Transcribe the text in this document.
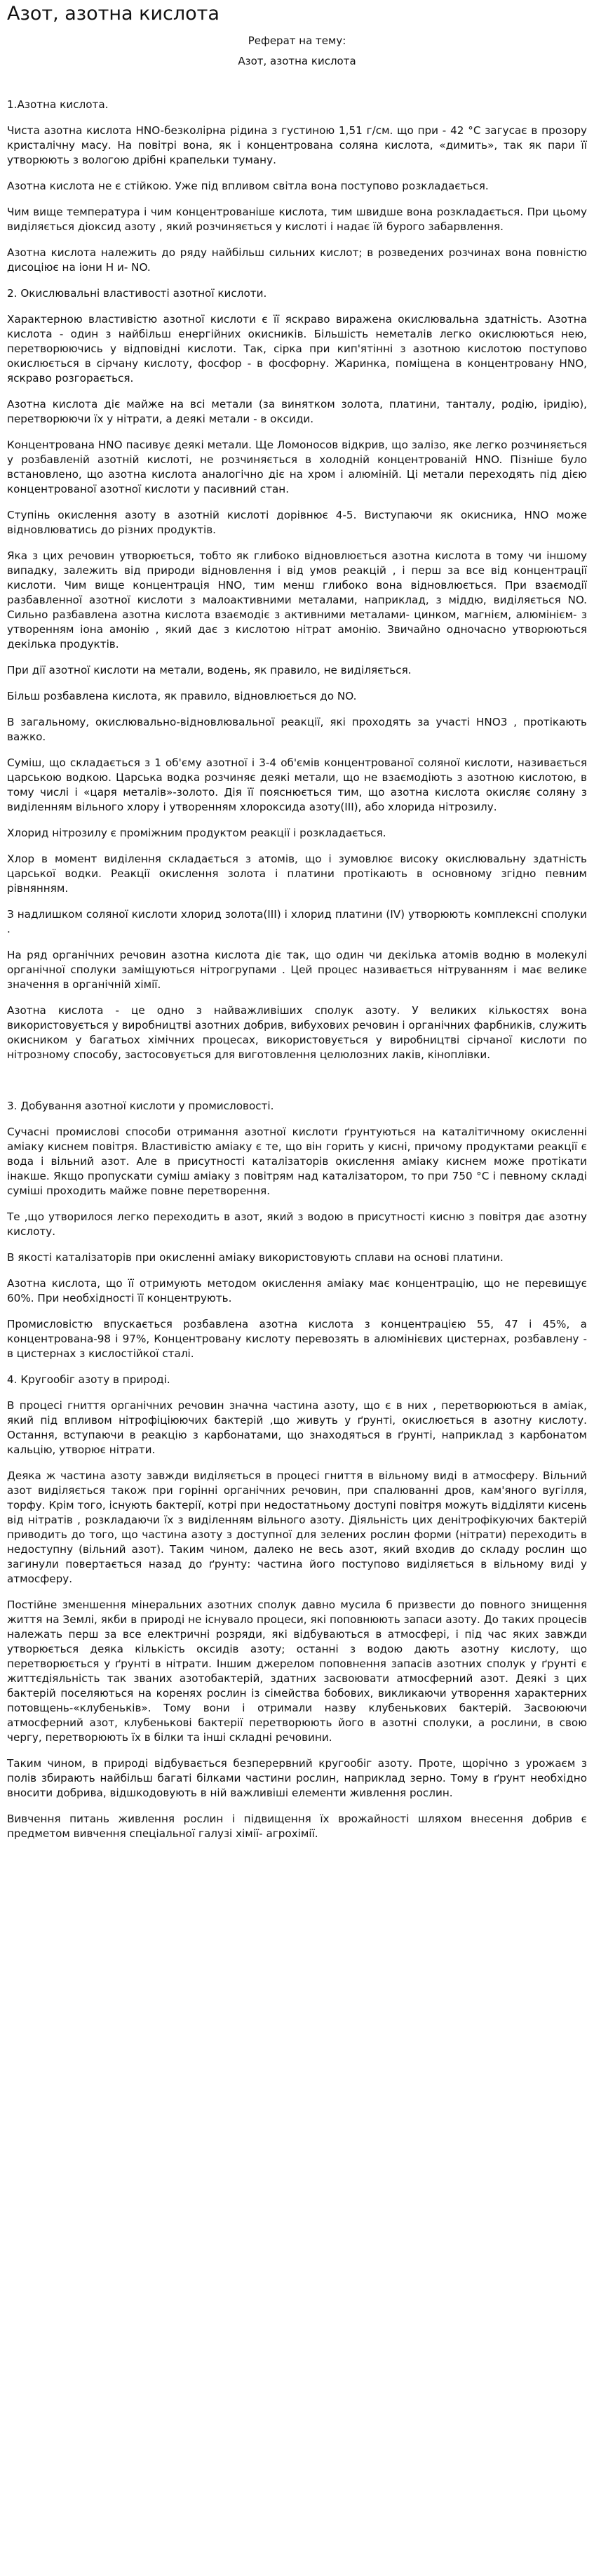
Азот, азотна кислота
Реферат на тему:
Азот, азотна кислота

1.Азотна кислота.

Чиста азотна кислота HNO-безколірна рідина з густиною 1,51 г/см. що при - 42 °С загусає в прозору кристалічну масу. На повітрі вона, як і концентрована соляна кислота, «димить», так як пари її утворюють з вологою дрібні крапельки туману.

Азотна кислота не є стійкою. Уже під впливом світла вона поступово розкладається.

Чим вище температура і чим концентрованіше кислота, тим швидше вона розкладається. При цьому виділяється діоксид азоту , який розчиняється у кислоті і надає їй бурого забарвлення.

Азотна кислота належить до ряду найбільш сильних кислот; в розведених розчинах вона повністю дисоціює на іони Н и- NO.

2. Окислювальні властивості азотної кислоти.

Характерною властивістю азотної кислоти є її яскраво виражена окислювальна здатність. Азотна кислота - один з найбільш енергійних окисників. Більшість неметалів легко окислюються нею, перетворюючись у відповідні кислоти. Так, сірка при кип'ятінні з азотною кислотою поступово окислюється в сірчану кислоту, фосфор - в фосфорну. Жаринка, поміщена в концентровану HNO, яскраво розгорається.

Азотна кислота діє майже на всі метали (за винятком золота, платини, танталу, родію, іридію), перетворюючи їх у нітрати, а деякі метали - в оксиди.

Концентрована HNO пасивує деякі метали. Ще Ломоносов відкрив, що залізо, яке легко розчиняється у розбавленій азотній кислоті, не розчиняється в холодній концентрованій HNO. Пізніше було встановлено, що азотна кислота аналогічно діє на хром і алюміній. Ці метали переходять під дією концентрованої азотної кислоти у пасивний стан.

Ступінь окислення азоту в азотній кислоті дорівнює 4-5. Виступаючи як окисника, HNO може відновлюватись до різних продуктів.

Яка з цих речовин утворюється, тобто як глибоко відновлюється азотна кислота в тому чи іншому випадку, залежить від природи відновлення і від умов реакцій , і перш за все від концентрації кислоти. Чим вище концентрація HNO, тим менш глибоко вона відновлюється. При взаємодії разбавленної азотної кислоти з малоактивними металами, наприклад, з міддю, виділяється NO. Сильно разбавлена азотна кислота взаємодіє з активними металами- цинком, магнієм, алюмінієм- з утворенням іона амонію , який дає з кислотою нітрат амонію. Звичайно одночасно утворюються декілька продуктів.

При дії азотної кислоти на метали, водень, як правило, не виділяється.

Більш розбавлена кислота, як правило, відновлюється до NO.

В загальному, окислювально-відновлювальної реакції, які проходять за участі HNO3 , протікають важко.

Суміш, що складається з 1 об'єму азотної і 3-4 об'ємів концентрованої соляної кислоти, називається царською водкою. Царська водка розчиняє деякі метали, що не взаємодіють з азотною кислотою, в тому числі і «царя металів»-золото. Дія її пояснюється тим, що азотна кислота окисляє соляну з виділенням вільного хлору і утворенням хлороксида азоту(ІІІ), або хлорида нітрозилу.

Хлорид нітрозилу є проміжним продуктом реакції і розкладається.

Хлор в момент виділення складається з атомів, що і зумовлює високу окислювальну здатність царської водки. Реакції окислення золота і платини протікають в основному згідно певним рівнянням.

З надлишком соляної кислоти хлорид золота(ІІІ) і хлорид платини (IV) утворюють комплексні сполуки .

На ряд органічних речовин азотна кислота діє так, що один чи декілька атомів водню в молекулі органічної сполуки заміщуються нітрогрупами . Цей процес називається нітруванням і має велике значення в органічній хімії.

Азотна кислота - це одно з найважливіших сполук азоту. У великих кількостях вона використовується у виробництві азотних добрив, вибухових речовин і органічних фарбників, служить окисником у багатьох хімічних процесах, використовується у виробництві сірчаної кислоти по нітрозному способу, застосовується для виготовлення целюлозних лаків, кіноплівки.

3. Добування азотної кислоти у промисловості.

Сучасні промислові способи отримання азотної кислоти ґрунтуються на каталітичному окисленні аміаку киснем повітря. Властивістю аміаку є те, що він горить у кисні, причому продуктами реакції є вода і вільний азот. Але в присутності каталізаторів окислення аміаку киснем може протікати інакше. Якщо пропускати суміш аміаку з повітрям над каталізатором, то при 750 °С і певному складі суміші проходить майже повне перетворення.

Те ,що утворилося легко переходить в азот, який з водою в присутності кисню з повітря дає азотну кислоту.

В якості каталізаторів при окисленні аміаку використовують сплави на основі платини.

Азотна кислота, що її отримують методом окислення аміаку має концентрацію, що не перевищує 60%. При необхідності її концентрують.

Промисловістю впускається розбавлена азотна кислота з концентрацією 55, 47 і 45%, а концентрована-98 і 97%, Концентровану кислоту перевозять в алюмінієвих цистернах, розбавлену - в цистернах з кислостійкої сталі.

4. Кругообіг азоту в природі.

В процесі гниття органічних речовин значна частина азоту, що є в них , перетворюються в аміак, який під впливом нітрофіціюючих бактерій ,що живуть у ґрунті, окислюється в азотну кислоту. Остання, вступаючи в реакцію з карбонатами, що знаходяться в ґрунті, наприклад з карбонатом кальцію, утворює нітрати.

Деяка ж частина азоту завжди виділяється в процесі гниття в вільному виді в атмосферу. Вільний азот виділяється також при горінні органічних речовин, при спалюванні дров, кам'яного вугілля, торфу. Крім того, існують бактерії, котрі при недостатньому доступі повітря можуть відділяти кисень від нітратів , розкладаючи їх з виділенням вільного азоту. Діяльність цих денітрофікуючих бактерій приводить до того, що частина азоту з доступної для зелених рослин форми (нітрати) переходить в недоступну (вільний азот). Таким чином, далеко не весь азот, який входив до складу рослин що загинули повертається назад до ґрунту: частина його поступово виділяється в вільному виді у атмосферу.

Постійне зменшення мінеральних азотних сполук давно мусила б призвести до повного знищення життя на Землі, якби в природі не існувало процеси, які поповнюють запаси азоту. До таких процесів належать перш за все електричні розряди, які відбуваються в атмосфері, і під час яких завжди утворюється деяка кількість оксидів азоту; останні з водою дають азотну кислоту, що перетворюється у ґрунті в нітрати. Іншим джерелом поповнення запасів азотних сполук у ґрунті є життєдіяльність так званих азотобактерій, здатних засвоювати атмосферний азот. Деякі з цих бактерій поселяються на коренях рослин із сімейства бобових, викликаючи утворення характерних потовщень-«клубеньків». Тому вони і отримали назву клубенькових бактерій. Засвоюючи атмосферний азот, клубенькові бактерії перетворюють його в азотні сполуки, а рослини, в свою чергу, перетворюють їх в білки та інші складні речовини.

Таким чином, в природі відбувається безперервний кругообіг азоту. Проте, щорічно з урожаєм з полів збирають найбільш багаті білками частини рослин, наприклад зерно. Тому в ґрунт необхідно вносити добрива, відшкодовують в ній важливіші елементи живлення рослин.

Вивчення питань живлення рослин і підвищення їх врожайності шляхом внесення добрив є предметом вивчення спеціальної галузі хімії- агрохімії.
